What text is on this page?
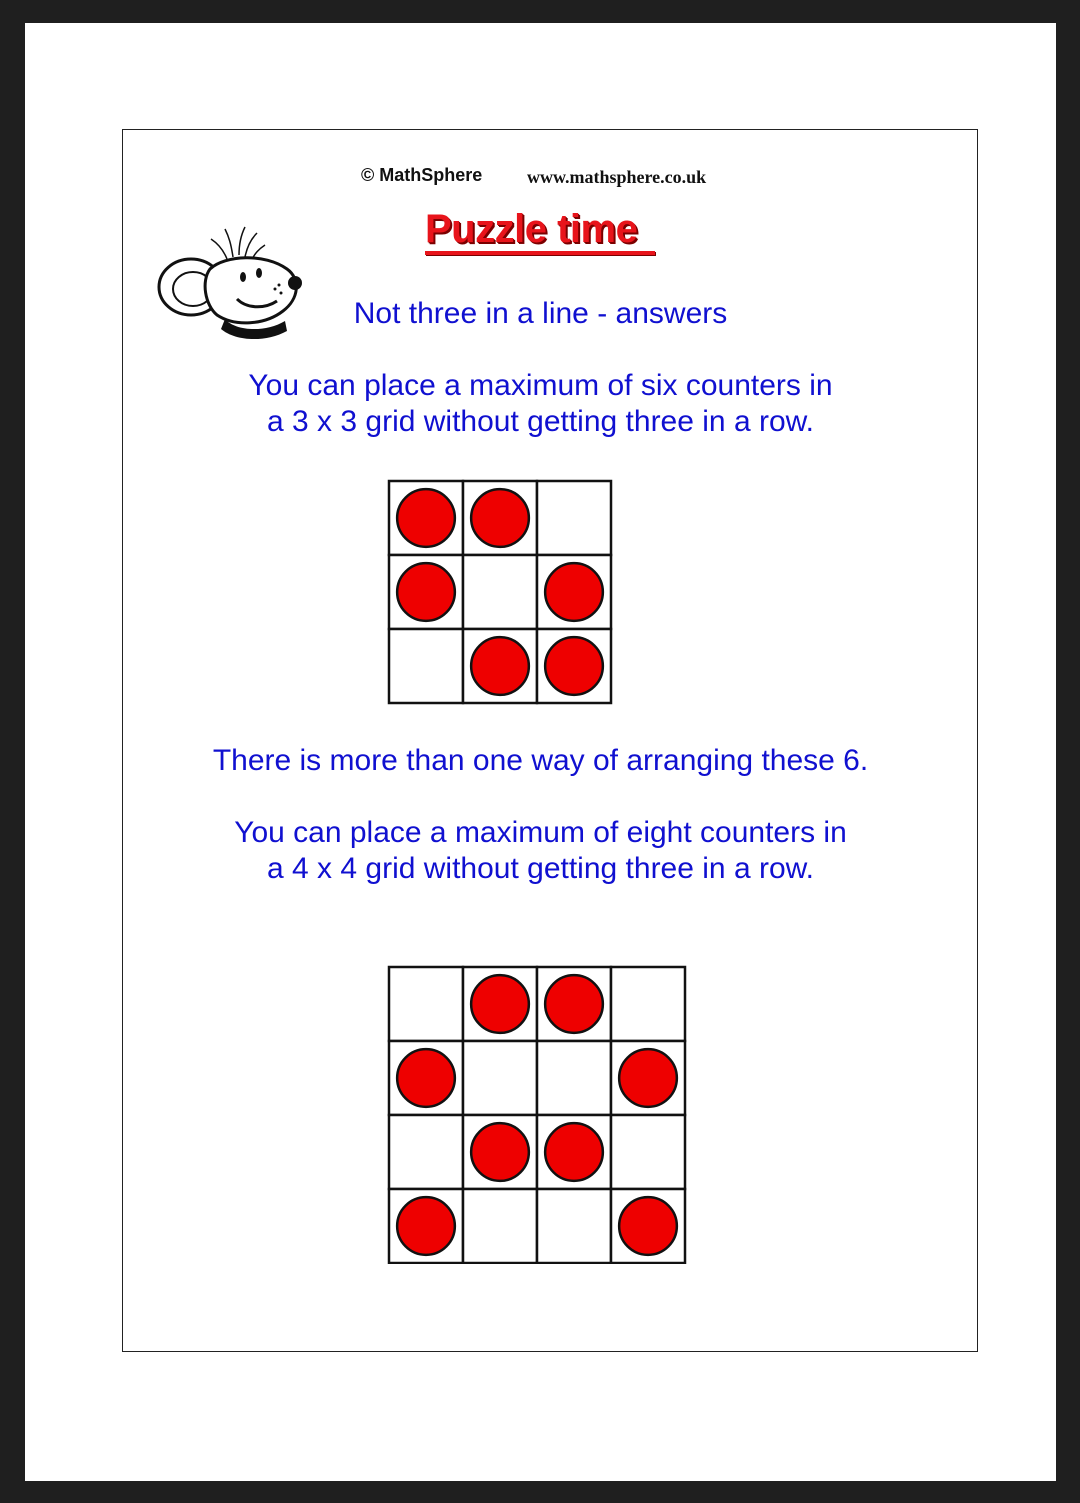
© MathSphere www.mathsphere.co.uk
Puzzle time
Not three in a line - answers
You can place a maximum of six counters in
a 3 x 3 grid without getting three in a row.
There is more than one way of arranging these 6.
You can place a maximum of eight counters in
a 4 x 4 grid without getting three in a row.
